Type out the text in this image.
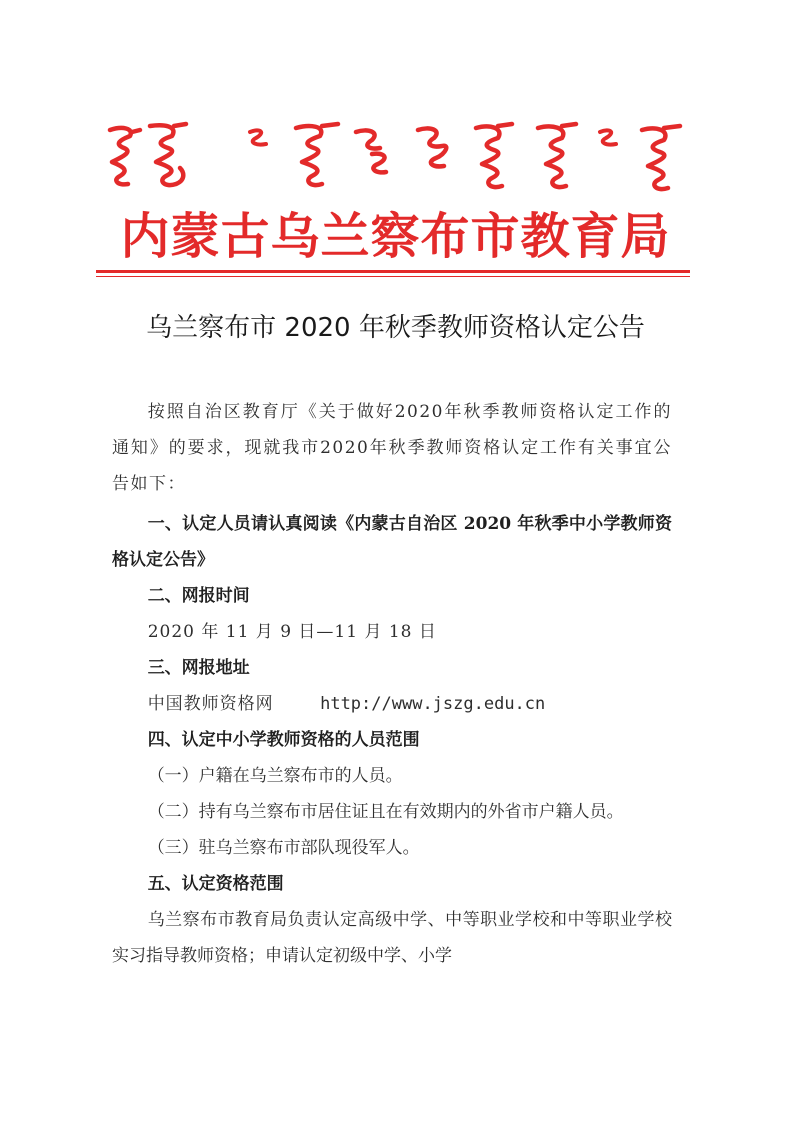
内蒙古乌兰察布市教育局
乌兰察布市 2020 年秋季教师资格认定公告

按照自治区教育厅《关于做好2020年秋季教师资格认定工作的通知》的要求，现就我市2020年秋季教师资格认定工作有关事宜公告如下：

一、认定人员请认真阅读《内蒙古自治区 2020 年秋季中小学教师资格认定公告》

二、网报时间

2020 年 11 月 9 日—11 月 18 日

三、网报地址

中国教师资格网	http://www.jszg.edu.cn

四、认定中小学教师资格的人员范围

（一）户籍在乌兰察布市的人员。

（二）持有乌兰察布市居住证且在有效期内的外省市户籍人员。

（三）驻乌兰察布市部队现役军人。

五、认定资格范围

乌兰察布市教育局负责认定高级中学、中等职业学校和中等职业学校实习指导教师资格；申请认定初级中学、小学
